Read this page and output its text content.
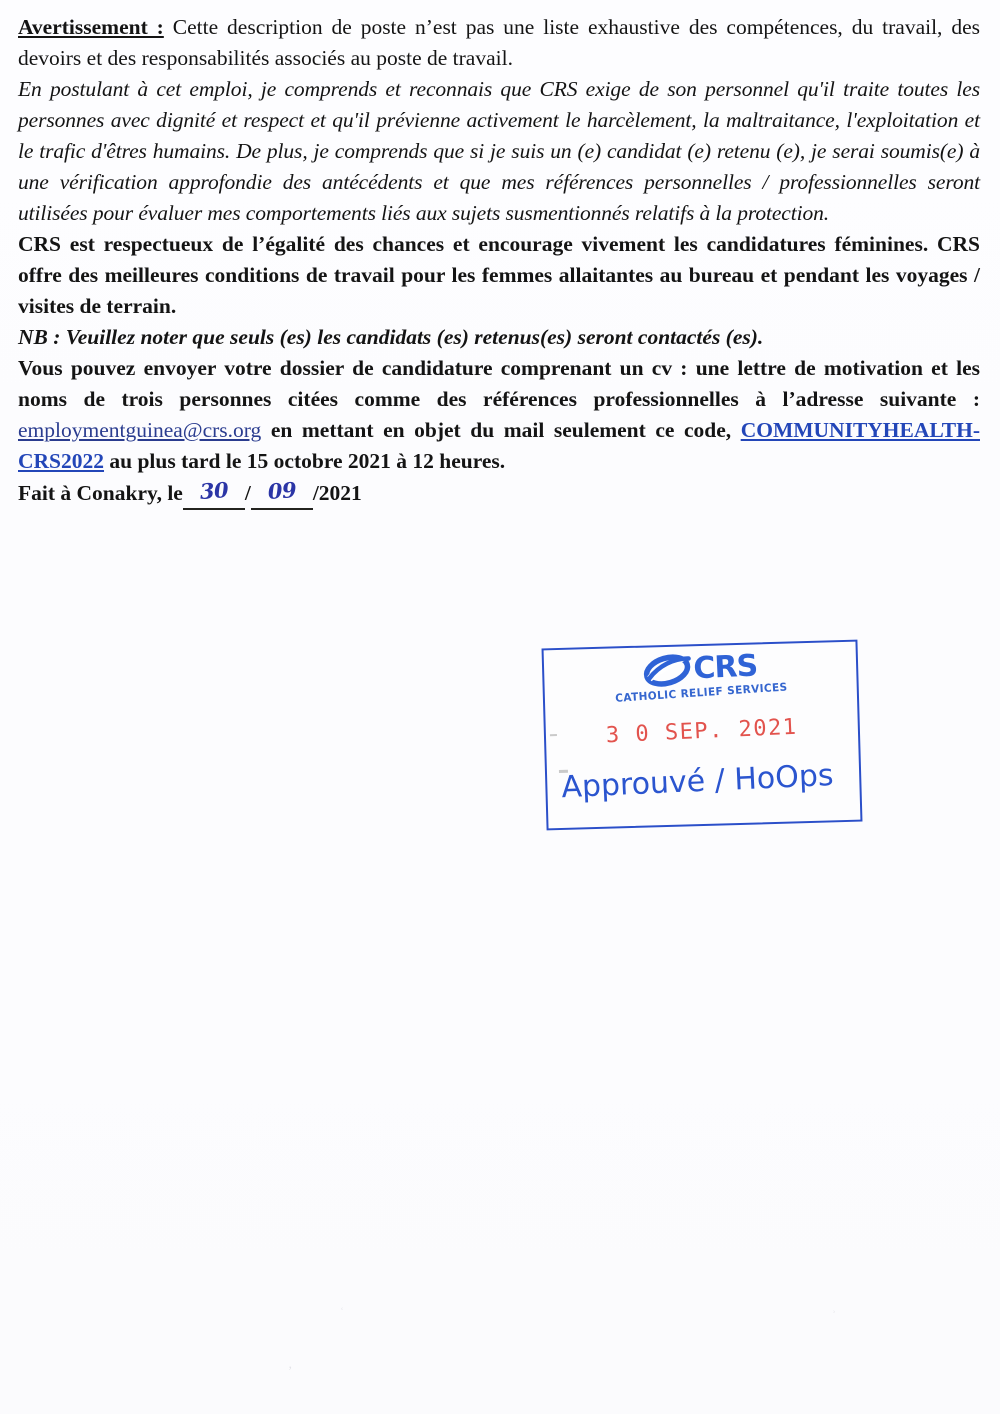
Avertissement : Cette description de poste n’est pas une liste exhaustive des compétences, du travail, des devoirs et des responsabilités associés au poste de travail.

En postulant à cet emploi, je comprends et reconnais que CRS exige de son personnel qu'il traite toutes les personnes avec dignité et respect et qu'il prévienne activement le harcèlement, la maltraitance, l'exploitation et le trafic d'êtres humains. De plus, je comprends que si je suis un (e) candidat (e) retenu (e), je serai soumis(e) à une vérification approfondie des antécédents et que mes références personnelles / professionnelles seront utilisées pour évaluer mes comportements liés aux sujets susmentionnés relatifs à la protection.

CRS est respectueux de l’égalité des chances et encourage vivement les candidatures féminines. CRS offre des meilleures conditions de travail pour les femmes allaitantes au bureau et pendant les voyages / visites de terrain.

NB : Veuillez noter que seuls (es) les candidats (es) retenus(es) seront contactés (es).

Vous pouvez envoyer votre dossier de candidature comprenant un cv : une lettre de motivation et les noms de trois personnes citées comme des références professionnelles à l’adresse suivante : employmentguinea@crs.org en mettant en objet du mail seulement ce code, COMMUNITYHEALTH-CRS2022 au plus tard le 15 octobre 2021 à 12 heures.

Fait à Conakry, le 30 / 09 /2021

CRS
CATHOLIC RELIEF SERVICES
3 0 SEP. 2021
Approuvé / HoOps
ʿ	ʾ
ʼ
